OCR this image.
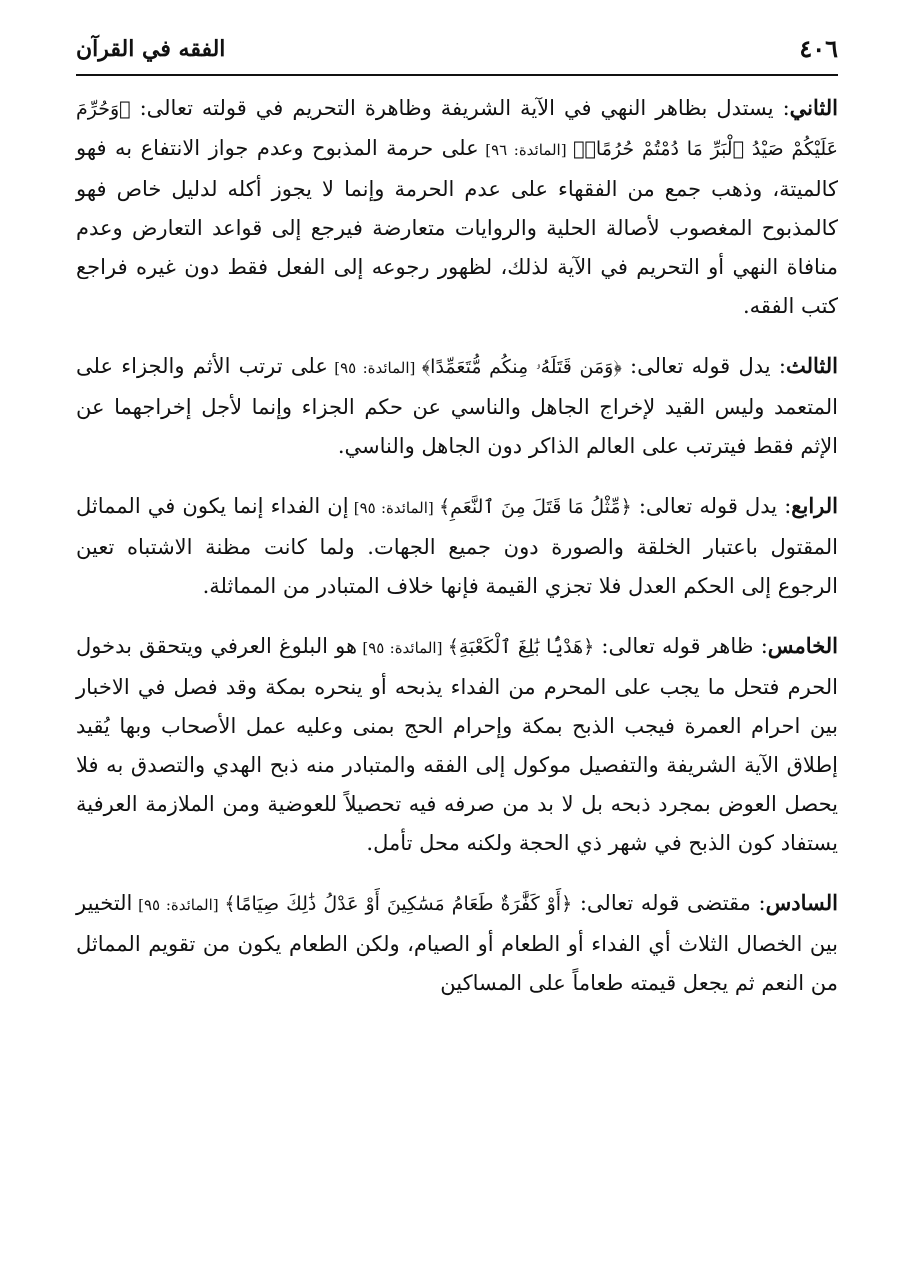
٤٠٦
الفقه في القرآن

الثاني: يستدل بظاهر النهي في الآية الشريفة وظاهرة التحريم في قولته تعالى: ﴿وَحُرِّمَ عَلَيْكُمْ صَيْدُ ٱلْبَرِّ مَا دُمْتُمْ حُرُمًاۗ﴾ [المائدة: ٩٦] على حرمة المذبوح وعدم جواز الانتفاع به فهو كالميتة، وذهب جمع من الفقهاء على عدم الحرمة وإنما لا يجوز أكله لدليل خاص فهو كالمذبوح المغصوب لأصالة الحلية والروايات متعارضة فيرجع إلى قواعد التعارض وعدم منافاة النهي أو التحريم في الآية لذلك، لظهور رجوعه إلى الفعل فقط دون غيره فراجع كتب الفقه.

الثالث: يدل قوله تعالى: ﴿وَمَن قَتَلَهُۥ مِنكُم مُّتَعَمِّدًا﴾ [المائدة: ٩٥] على ترتب الأثم والجزاء على المتعمد وليس القيد لإخراج الجاهل والناسي عن حكم الجزاء وإنما لأجل إخراجهما عن الإثم فقط فيترتب على العالم الذاكر دون الجاهل والناسي.

الرابع: يدل قوله تعالى: ﴿مِّثْلُ مَا قَتَلَ مِنَ ٱلنَّعَمِ﴾ [المائدة: ٩٥] إن الفداء إنما يكون في المماثل المقتول باعتبار الخلقة والصورة دون جميع الجهات. ولما كانت مظنة الاشتباه تعين الرجوع إلى الحكم العدل فلا تجزي القيمة فإنها خلاف المتبادر من المماثلة.

الخامس: ظاهر قوله تعالى: ﴿هَدْيًۢا بَٰلِغَ ٱلْكَعْبَةِ﴾ [المائدة: ٩٥] هو البلوغ العرفي ويتحقق بدخول الحرم فتحل ما يجب على المحرم من الفداء يذبحه أو ينحره بمكة وقد فصل في الاخبار بين احرام العمرة فيجب الذبح بمكة وإحرام الحج بمنى وعليه عمل الأصحاب وبها يُقيد إطلاق الآية الشريفة والتفصيل موكول إلى الفقه والمتبادر منه ذبح الهدي والتصدق به فلا يحصل العوض بمجرد ذبحه بل لا بد من صرفه فيه تحصيلاً للعوضية ومن الملازمة العرفية يستفاد كون الذبح في شهر ذي الحجة ولكنه محل تأمل.

السادس: مقتضى قوله تعالى: ﴿أَوْ كَفَّٰرَةٌ طَعَامُ مَسَٰكِينَ أَوْ عَدْلُ ذَٰلِكَ صِيَامًا﴾ [المائدة: ٩٥] التخيير بين الخصال الثلاث أي الفداء أو الطعام أو الصيام، ولكن الطعام يكون من تقويم المماثل من النعم ثم يجعل قيمته طعاماً على المساكين
